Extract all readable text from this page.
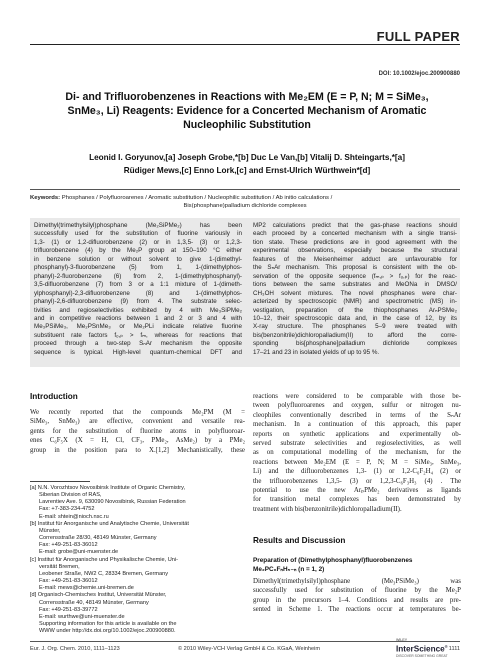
FULL PAPER
DOI: 10.1002/ejoc.200900880
Di- and Trifluorobenzenes in Reactions with Me₂EM (E = P, N; M = SiMe₃,
SnMe₃, Li) Reagents: Evidence for a Concerted Mechanism of Aromatic
Nucleophilic Substitution
Leonid I. Goryunov,[a] Joseph Grobe,*[b] Duc Le Van,[b] Vitalij D. Shteingarts,*[a]
Rüdiger Mews,[c] Enno Lork,[c] and Ernst-Ulrich Würthwein*[d]
Keywords: Phosphanes / Polyfluoroarenes / Aromatic substitution / Nucleophilic substitution / Ab initio calculations /
Bis(phosphane)palladium dichloride complexes
Dimethyl(trimethylsilyl)phosphane (Me₂SiPMe₂) has been
successfully used for the substitution of fluorine variously in
1,3- (1) or 1,2-difluorobenzene (2) or in 1,3,5- (3) or 1,2,3-
trifluorobenzene (4) by the Me₂P group at 150–190 °C either
in benzene solution or without solvent to give 1-(dimethyl-
phosphanyl)-3-fluorobenzene (5) from 1, 1-(dimethylphos-
phanyl)-2-fluorobenzene (6) from 2, 1-(dimethylphosphanyl)-
3,5-difluorobenzene (7) from 3 or a 1:1 mixture of 1-(dimeth-
ylphosphanyl)-2,3-difluorobenzene (8) and 1-(dimethylphos-
phanyl)-2,6-difluorobenzene (9) from 4. The substrate selec-
tivities and regioselectivities exhibited by 4 with Me₃SiPMe₂
and in competitive reactions between 1 and 2 or 3 and 4 with
Me₃PSiMe₃, Me₂PSnMe₃ or Me₂PLi indicate relative fluorine
substituent rate factors fₒ,ₚ > fₘ, whereas for reactions that
proceed through a two-step SₙAr mechanism the opposite
sequence is typical. High-level quantum-chemical DFT and
MP2 calculations predict that the gas-phase reactions should
each proceed by a concerted mechanism with a single transi-
tion state. These predictions are in good agreement with the
experimental observations, especially because the structural
features of the Meisenheimer adduct are unfavourable for
the SₙAr mechanism. This proposal is consistent with the ob-
servation of the opposite sequence (fₘ,ₚ > fₒ,ₚ) for the reac-
tions between the same substrates and MeONa in DMSO/
CH₃OH solvent mixtures. The novel phosphanes were char-
acterized by spectroscopic (NMR) and spectrometric (MS) in-
vestigation, preparation of the thiophosphanes ArₙPSMe₂
10–12, their spectroscopic data and, in the case of 12, by its
X-ray structure. The phosphanes 5–9 were treated with
bis(benzonitrile)dichloropalladium(II) to afford the corre-
sponding bis[phosphane]palladium dichloride complexes
17–21 and 23 in isolated yields of up to 95 %.
Introduction
We recently reported that the compounds Me₂PM (M =
SiMe₃, SnMe₃) are effective, convenient and versatile rea-
gents for the substitution of fluorine atoms in polyfluoroar-
enes C₆F₅X (X = H, Cl, CF₃, PMe₂, AsMe₂) by a PMe₂
group in the position para to X.[1,2] Mechanistically, these
[a] N.N. Vorozhtsov Novosibirsk Institute of Organic Chemistry,
Siberian Division of RAS,
Lavrentiev Ave. 9, 630090 Novosibirsk, Russian Federation
Fax: +7-383-234-4752
E-mail: shtein@nioch.nsc.ru
[b] Institut für Anorganische und Analytische Chemie, Universität
Münster,
Corrensstraße 28/30, 48149 Münster, Germany
Fax: +49-251-83-36012
E-mail: grobe@uni-muenster.de
[c] Institut für Anorganische und Physikalische Chemie, Uni-
versität Bremen,
Leobener Straße, NW2 C, 28334 Bremen, Germany
Fax: +49-251-83-36012
E-mail: mews@chemie.uni-bremen.de
[d] Organisch-Chemisches Institut, Universität Münster,
Corrensstraße 40, 48149 Münster, Germany
Fax: +49-251-83-39772
E-mail: wurthwe@uni-muenster.de
Supporting information for this article is available on the
WWW under http://dx.doi.org/10.1002/ejoc.200900880.
reactions were considered to be comparable with those be-
tween polyfluoroarenes and oxygen, sulfur or nitrogen nu-
cleophiles conventionally described in terms of the SₙAr
mechanism. In a continuation of this approach, this paper
reports on synthetic applications and experimentally ob-
served substrate selectivities and regioselectivities, as well
as on computational modelling of the mechanism, for the
reactions between Me₂EM (E = P, N; M = SiMe₃, SnMe₃,
Li) and the difluorobenzenes 1,3- (1) or 1,2-C₆F₂H₄ (2) or
the trifluorobenzenes 1,3,5- (3) or 1,2,3-C₆F₃H₃ (4) . The
potential to use the new ArₚPMe₂ derivatives as ligands
for transition metal complexes has been demonstrated by
treatment with bis(benzonitrile)dichloropalladium(II).
Results and Discussion
Preparation of (Dimethylphosphanyl)fluorobenzenes
Me₂PC₆FₙH₅₋ₙ (n = 1, 2)
Dimethyl(trimethylsilyl)phosphane (Me₃PSiMe₃) was
successfully used for substitution of fluorine by the Me₂P
group in the precursors 1–4. Conditions and results are pre-
sented in Scheme 1. The reactions occur at temperatures be-
Eur. J. Org. Chem. 2010, 1111–1123	© 2010 Wiley-VCH Verlag GmbH & Co. KGaA, Weinheim
WILEY
InterScience®
DISCOVER SOMETHING GREAT
1111
